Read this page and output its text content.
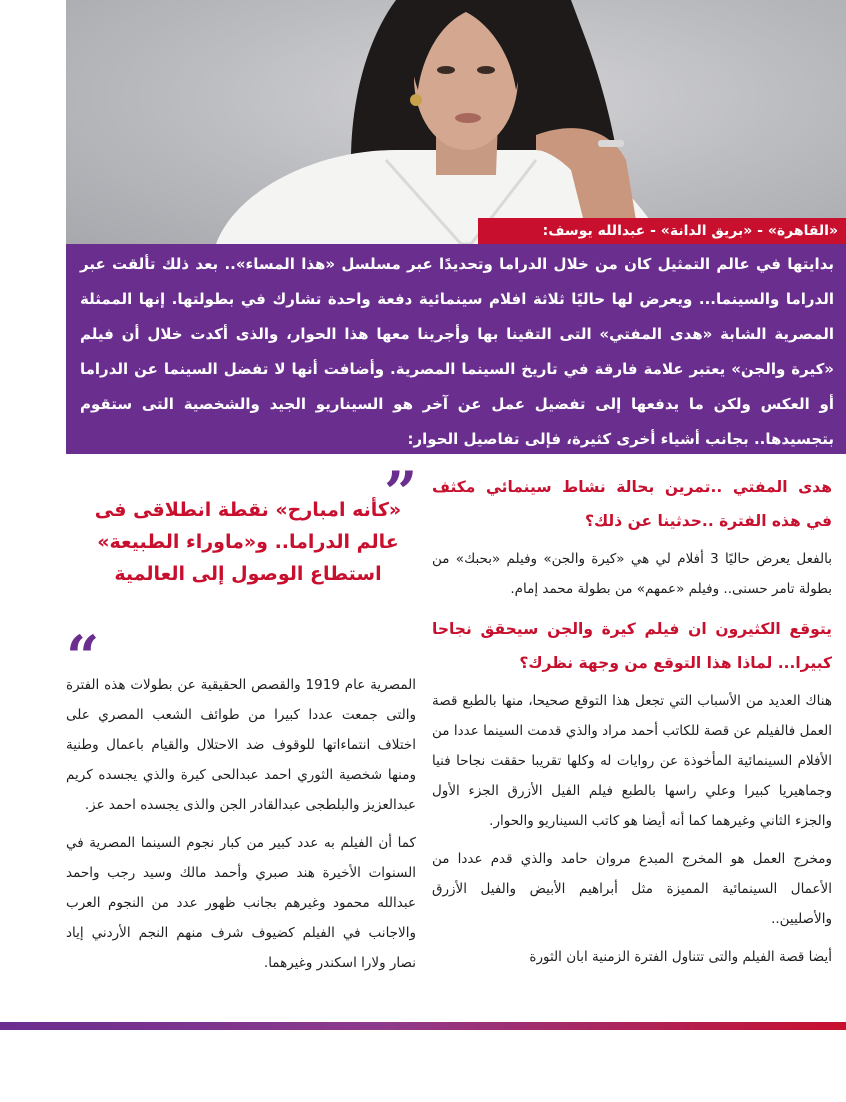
«القاهرة» - «بريق الدانة» - عبدالله يوسف:

بدايتها في عالم التمثيل كان من خلال الدراما وتحديدًا عبر مسلسل «هذا المساء».. بعد ذلك تألقت عبر الدراما والسينما... ويعرض لها حاليًا ثلاثة افلام سينمائية دفعة واحدة تشارك في بطولتها. إنها الممثلة المصرية الشابة «هدى المفتي» التى التقينا بها وأجرينا معها هذا الحوار، والذى أكدت خلال أن فيلم «كيرة والجن» يعتبر علامة فارقة في تاريخ السينما المصرية. وأضافت أنها لا تفضل السينما عن الدراما أو العكس ولكن ما يدفعها إلى تفضيل عمل عن آخر هو السيناريو الجيد والشخصية التى ستقوم بتجسيدها.. بجانب أشياء أخرى كثيرة، فإلى تفاصيل الحوار:

هدى المفتي ..تمرين بحالة نشاط سينمائي مكثف في هذه الفترة ..حدثينا عن ذلك؟

بالفعل يعرض حاليًا 3 أفلام لي هي «كيرة والجن» وفيلم «بحبك» من بطولة تامر حسنى.. وفيلم «عمهم» من بطولة محمد إمام.

يتوقع الكثيرون ان فيلم كيرة والجن سيحقق نجاحا كبيرا... لماذا هذا التوقع من وجهة نظرك؟

هناك العديد من الأسباب التي تجعل هذا التوقع صحيحا، منها بالطبع قصة العمل فالفيلم عن قصة للكاتب أحمد مراد والذي قدمت السينما عددا من الأفلام السينمائية المأخوذة عن روايات له وكلها تقريبا حققت نجاحا فنيا وجماهيريا كبيرا وعلي راسها بالطبع فيلم الفيل الأزرق الجزء الأول والجزء الثاني وغيرهما كما أنه أيضا هو كاتب السيناريو والحوار.

ومخرج العمل هو المخرج المبدع مروان حامد والذي قدم عددا من الأعمال السينمائية المميزة مثل أبراهيم الأبيض والفيل الأزرق والأصليين..

أيضا قصة الفيلم والتى تتناول الفترة الزمنية ابان الثورة

”

«كأنه امبارح» نقطة انطلاقى فى عالم الدراما.. و«ماوراء الطبيعة» استطاع الوصول إلى العالمية

“

المصرية عام 1919 والقصص الحقيقية عن بطولات هذه الفترة والتى جمعت عددا كبيرا من طوائف الشعب المصري على اختلاف انتماءاتها للوقوف ضد الاحتلال والقيام باعمال وطنية ومنها شخصية الثوري احمد عبدالحى كيرة والذي يجسده كريم عبدالعزيز والبلطجى عبدالقادر الجن والذى يجسده احمد عز.

كما أن الفيلم به عدد كبير من كبار نجوم السينما المصرية في السنوات الأخيرة هند صبري وأحمد مالك وسيد رجب واحمد عبدالله محمود وغيرهم بجانب ظهور عدد من النجوم العرب والاجانب في الفيلم كضيوف شرف منهم النجم الأردني إياد نصار ولارا اسكندر وغيرهما.
